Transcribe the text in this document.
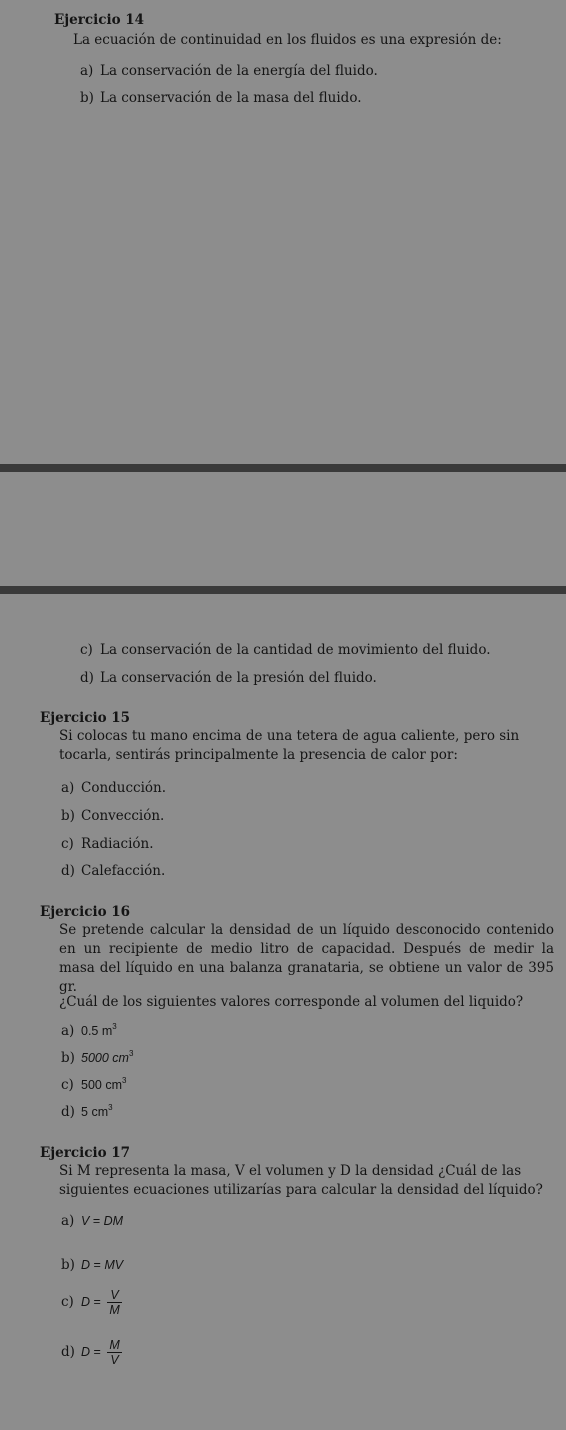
Ejercicio 14
La ecuación de continuidad en los fluidos es una expresión de:
a) La conservación de la energía del fluido.
b) La conservación de la masa del fluido.
c) La conservación de la cantidad de movimiento del fluido.
d) La conservación de la presión del fluido.
Ejercicio 15
Si colocas tu mano encima de una tetera de agua caliente, pero sin tocarla, sentirás principalmente la presencia de calor por:
a) Conducción.
b) Convección.
c) Radiación.
d) Calefacción.
Ejercicio 16
Se pretende calcular la densidad de un líquido desconocido contenido en un recipiente de medio litro de capacidad. Después de medir la masa del líquido en una balanza granataria, se obtiene un valor de 395 gr.
¿Cuál de los siguientes valores corresponde al volumen del liquido?
a) 0.5 $m^3$
b) 5000 $cm^3$
c) 500 $cm^3$
d) 5 $cm^3$
Ejercicio 17
Si M representa la masa, V el volumen y D la densidad ¿Cuál de las siguientes ecuaciones utilizarías para calcular la densidad del líquido?
a) V = DM
b) D = MV
c) $D = \frac{V}{M}$
d) $D = \frac{M}{V}$
